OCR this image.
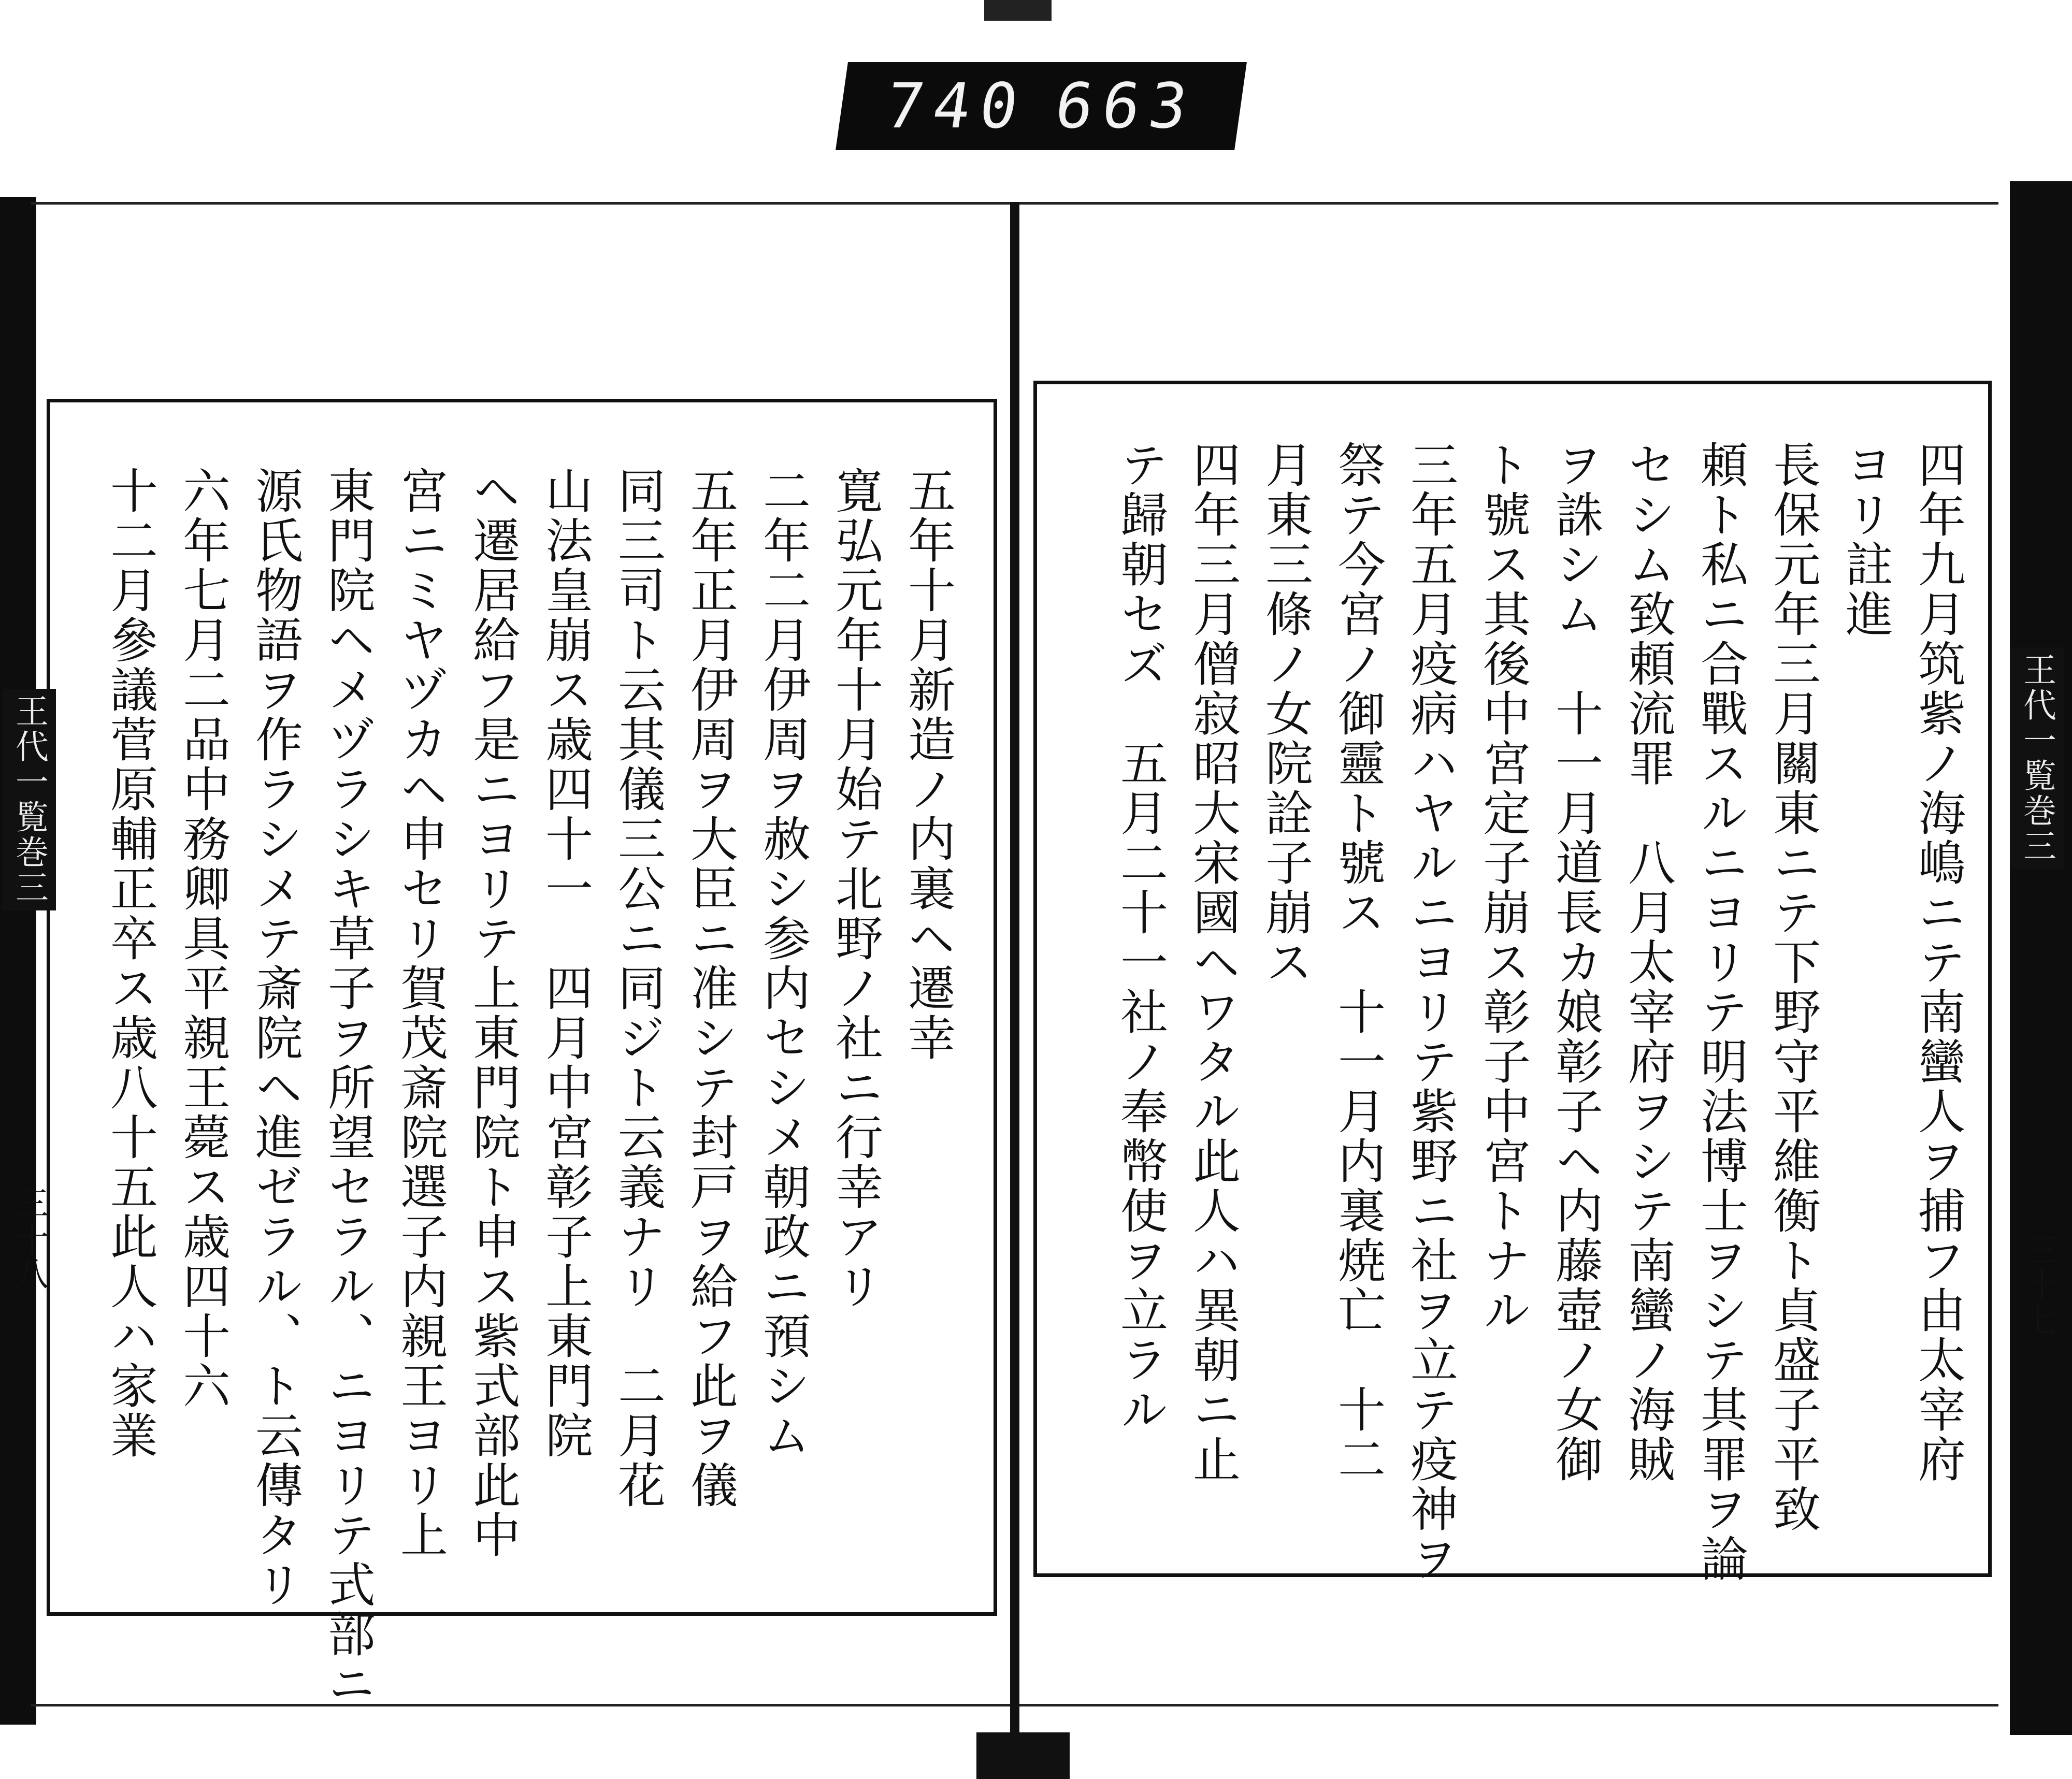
740 663
五年十月新造ノ内裏ヘ遷幸
寛弘元年十月始テ北野ノ社ニ行幸アリ
二年二月伊周ヲ赦シ参内セシメ朝政ニ預シム
五年正月伊周ヲ大臣ニ准シテ封戸ヲ給フ此ヲ儀
同三司ト云其儀三公ニ同ジト云義ナリ　二月花
山法皇崩ス歳四十一　四月中宮彰子上東門院
ヘ遷居給フ是ニヨリテ上東門院ト申ス紫式部此中
宮ニミヤヅカヘ申セリ賀茂斎院選子内親王ヨリ上
東門院ヘメヅラシキ草子ヲ所望セラル、ニヨリテ式部ニ
源氏物語ヲ作ラシメテ斎院ヘ進ゼラル、ト云傳タリ
六年七月二品中務卿具平親王薨ス歳四十六
十二月參議菅原輔正卒ス歳八十五此人ハ家業
王代一覧巻三
三十八	四年九月筑紫ノ海嶋ニテ南蠻人ヲ捕フ由太宰府
ヨリ註進
長保元年三月關東ニテ下野守平維衡ト貞盛子平致
頼ト私ニ合戰スルニヨリテ明法博士ヲシテ其罪ヲ論
セシム致頼流罪　八月太宰府ヲシテ南蠻ノ海賊
ヲ誅シム　十一月道長カ娘彰子ヘ内藤壺ノ女御
ト號ス其後中宮定子崩ス彰子中宮トナル
三年五月疫病ハヤルニヨリテ紫野ニ社ヲ立テ疫神ヲ
祭テ今宮ノ御靈ト號ス　十一月内裏焼亡　十二
月東三條ノ女院詮子崩ス
四年三月僧寂昭大宋國ヘワタル此人ハ異朝ニ止
テ歸朝セズ　五月二十一社ノ奉幣使ヲ立ラル	王代一覧巻三
三十七
